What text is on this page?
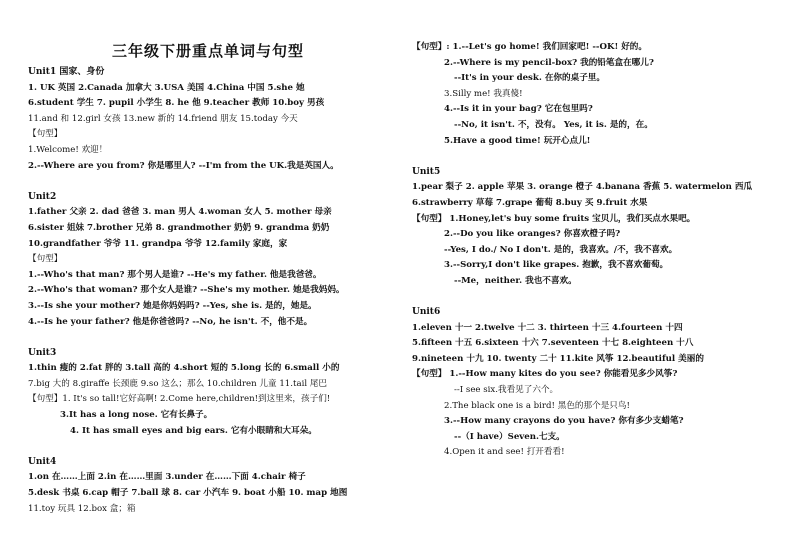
三年级下册重点单词与句型
Unit1 国家、身份
1. UK 英国 2.Canada 加拿大 3.USA 美国 4.China 中国 5.she 她
6.student 学生 7. pupil 小学生 8. he 他 9.teacher 教师 10.boy 男孩
11.and 和 12.girl 女孩 13.new 新的 14.friend 朋友 15.today 今天
【句型】
1.Welcome! 欢迎！
2.--Where are you from? 你是哪里人? --I'm from the UK.我是英国人。
Unit2
1.father 父亲 2. dad 爸爸 3. man 男人 4.woman 女人 5. mother 母亲
6.sister 姐妹 7.brother 兄弟 8. grandmother 奶奶 9. grandma 奶奶
10.grandfather 爷爷 11. grandpa 爷爷 12.family 家庭，家
【句型】
1.--Who's that man? 那个男人是谁? --He's my father. 他是我爸爸。
2.--Who's that woman? 那个女人是谁? --She's my mother. 她是我妈妈。
3.--Is she your mother? 她是你妈妈吗? --Yes, she is. 是的，她是。
4.--Is he your father? 他是你爸爸吗? --No, he isn't. 不，他不是。
Unit3
1.thin 瘦的 2.fat 胖的 3.tall 高的 4.short 短的 5.long 长的 6.small 小的
7.big 大的 8.giraffe 长颈鹿 9.so 这么；那么 10.children 儿童 11.tail 尾巴
【句型】1. It's so tall!它好高啊! 2.Come here,children!到这里来，孩子们!
3.It has a long nose. 它有长鼻子。
4. It has small eyes and big ears. 它有小眼睛和大耳朵。
Unit4
1.on 在……上面 2.in 在……里面 3.under 在……下面 4.chair 椅子
5.desk 书桌 6.cap 帽子 7.ball 球 8. car 小汽车 9. boat 小船 10. map 地图
11.toy 玩具 12.box 盒；箱
【句型】: 1.--Let's go home! 我们回家吧! --OK! 好的。
2.--Where is my pencil-box? 我的铅笔盒在哪儿?
--It's in your desk. 在你的桌子里。
3.Silly me! 我真傻!
4.--Is it in your bag? 它在包里吗?
--No, it isn't. 不，没有。 Yes, it is. 是的，在。
5.Have a good time! 玩开心点儿!
Unit5
1.pear 梨子 2. apple 苹果 3. orange 橙子 4.banana 香蕉 5. watermelon 西瓜
6.strawberry 草莓 7.grape 葡萄 8.buy 买 9.fruit 水果
【句型】 1.Honey,let's buy some fruits 宝贝儿，我们买点水果吧。
2.--Do you like oranges? 你喜欢橙子吗?
--Yes, I do./ No I don't. 是的，我喜欢。/不，我不喜欢。
3.--Sorry,I don't like grapes. 抱歉，我不喜欢葡萄。
--Me，neither. 我也不喜欢。
Unit6
1.eleven 十一 2.twelve 十二 3. thirteen 十三 4.fourteen 十四
5.fifteen 十五 6.sixteen 十六 7.seventeen 十七 8.eighteen 十八
9.nineteen 十九 10. twenty 二十 11.kite 风筝 12.beautiful 美丽的
【句型】 1.--How many kites do you see? 你能看见多少风筝?
--I see six.我看见了六个。
2.The black one is a bird! 黑色的那个是只鸟!
3.--How many crayons do you have? 你有多少支蜡笔?
--（I have）Seven.七支。
4.Open it and see! 打开看看!
